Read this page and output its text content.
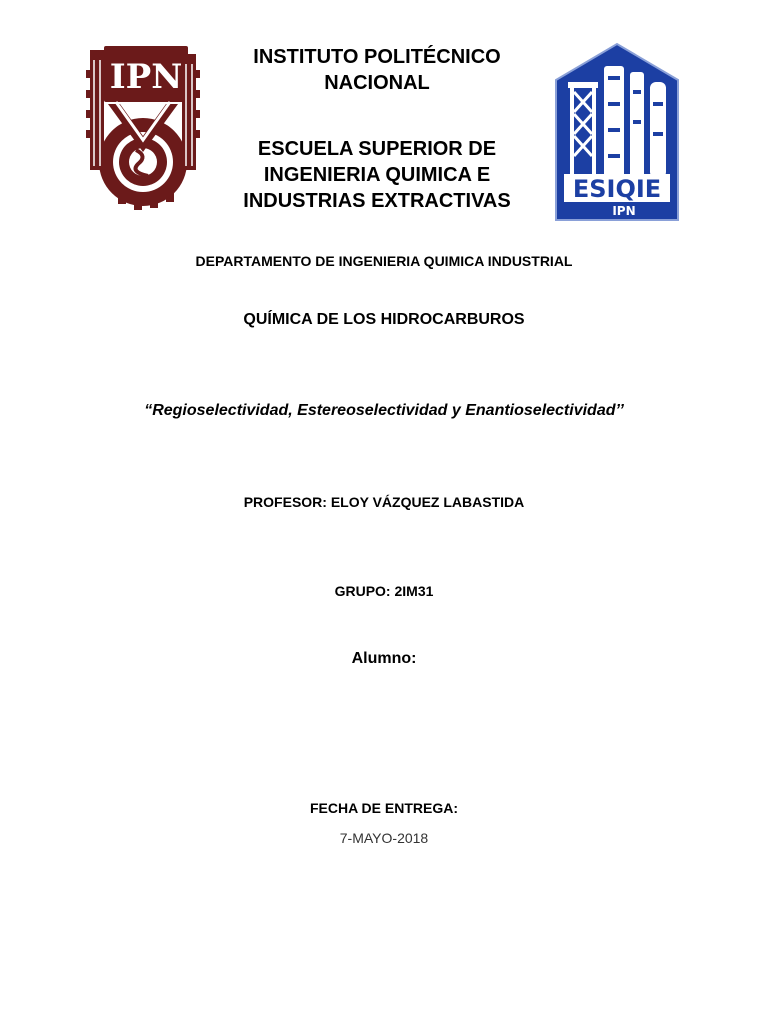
IPN	INSTITUTO POLITÉCNICO
NACIONAL
ESCUELA SUPERIOR DE
INGENIERIA QUIMICA E
INDUSTRIAS EXTRACTIVAS	ESIQIE
IPN
DEPARTAMENTO DE INGENIERIA QUIMICA INDUSTRIAL
QUÍMICA DE LOS HIDROCARBUROS
“Regioselectividad, Estereoselectividad y Enantioselectividad’’
PROFESOR: ELOY VÁZQUEZ LABASTIDA
GRUPO: 2IM31
Alumno:
FECHA DE ENTREGA:
7-MAYO-2018
